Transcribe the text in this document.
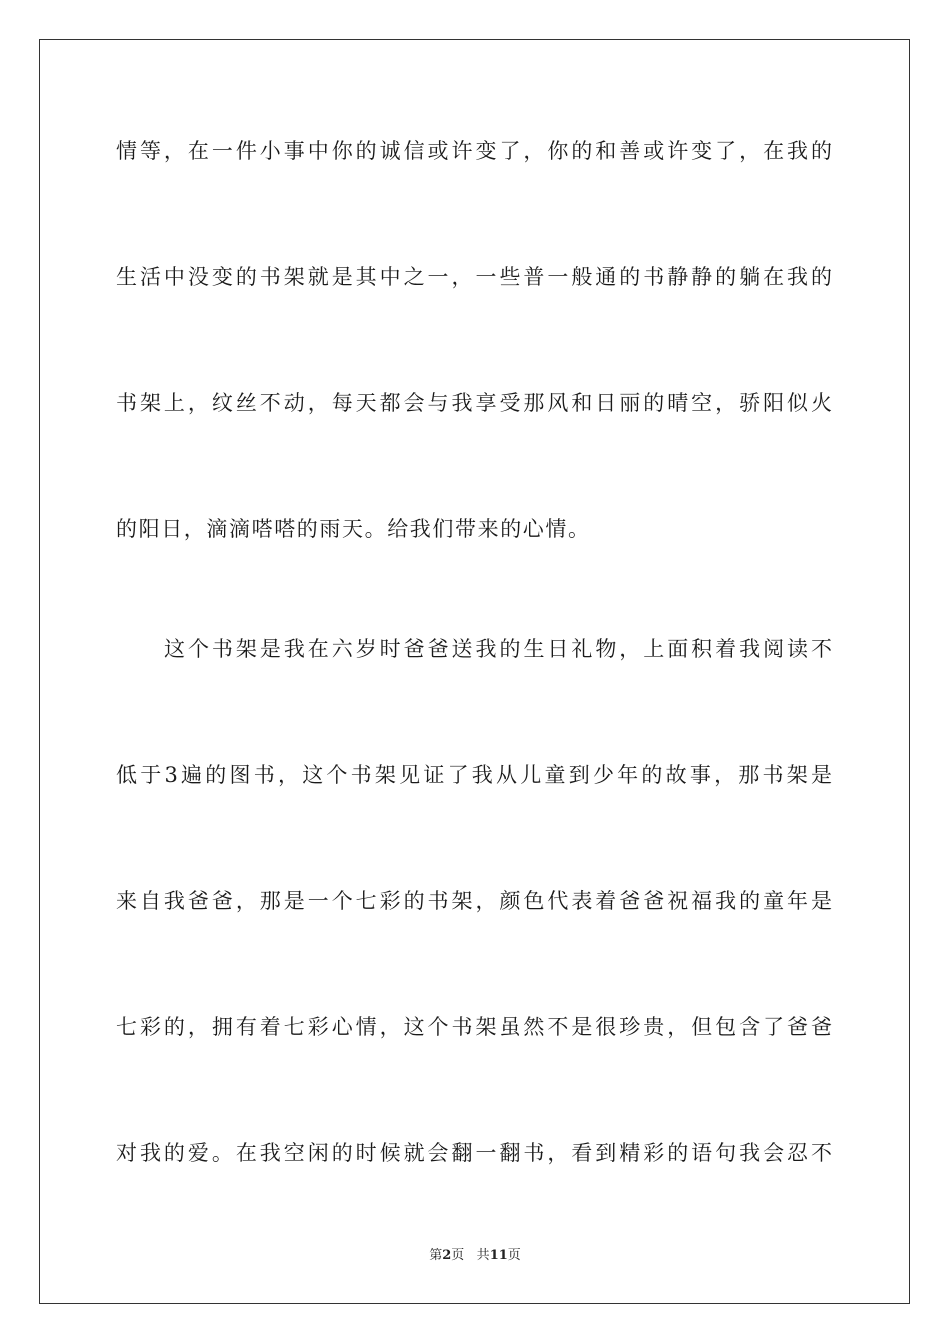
情等，在一件小事中你的诚信或许变了，你的和善或许变了，在我的
生活中没变的书架就是其中之一，一些普一般通的书静静的躺在我的
书架上，纹丝不动，每天都会与我享受那风和日丽的晴空，骄阳似火
的阳日，滴滴嗒嗒的雨天。给我们带来的心情。
这个书架是我在六岁时爸爸送我的生日礼物，上面积着我阅读不
低于3遍的图书，这个书架见证了我从儿童到少年的故事，那书架是
来自我爸爸，那是一个七彩的书架，颜色代表着爸爸祝福我的童年是
七彩的，拥有着七彩心情，这个书架虽然不是很珍贵，但包含了爸爸
对我的爱。在我空闲的时候就会翻一翻书，看到精彩的语句我会忍不
第2页 共11页
